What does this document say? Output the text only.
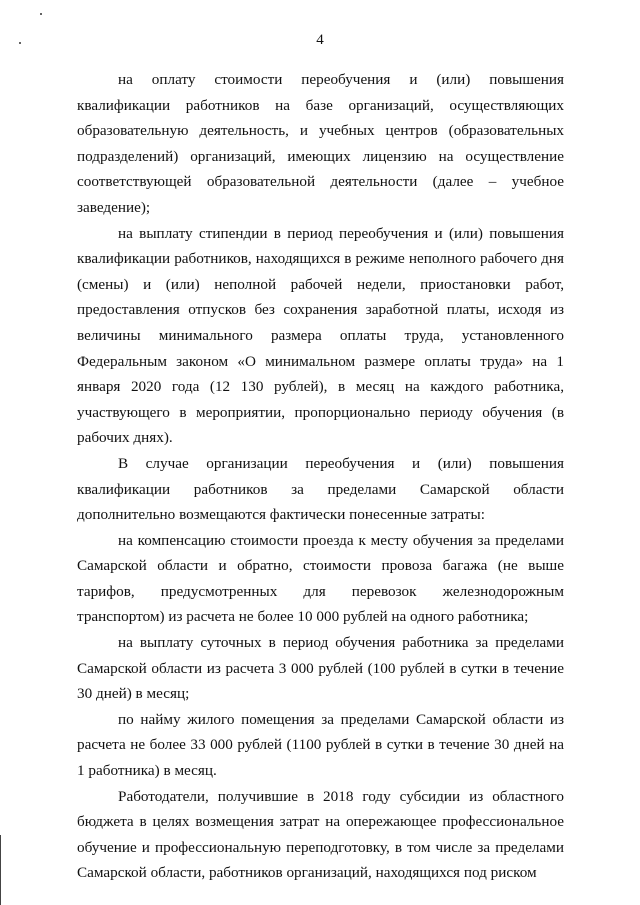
4

на оплату стоимости переобучения и (или) повышения квалификации работников на базе организаций, осуществляющих образовательную деятельность, и учебных центров (образовательных подразделений) организаций, имеющих лицензию на осуществление соответствующей образовательной деятельности (далее – учебное заведение);

на выплату стипендии в период переобучения и (или) повышения квалификации работников, находящихся в режиме неполного рабочего дня (смены) и (или) неполной рабочей недели, приостановки работ, предоставления отпусков без сохранения заработной платы, исходя из величины минимального размера оплаты труда, установленного Федеральным законом «О минимальном размере оплаты труда» на 1 января 2020 года (12 130 рублей), в месяц на каждого работника, участвующего в мероприятии, пропорционально периоду обучения (в рабочих днях).

В случае организации переобучения и (или) повышения квалификации работников за пределами Самарской области дополнительно возмещаются фактически понесенные затраты:

на компенсацию стоимости проезда к месту обучения за пределами Самарской области и обратно, стоимости провоза багажа (не выше тарифов, предусмотренных для перевозок железнодорожным транспортом) из расчета не более 10 000 рублей на одного работника;

на выплату суточных в период обучения работника за пределами Самарской области из расчета 3 000 рублей (100 рублей в сутки в течение 30 дней) в месяц;

по найму жилого помещения за пределами Самарской области из расчета не более 33 000 рублей (1100 рублей в сутки в течение 30 дней на 1 работника) в месяц.

Работодатели, получившие в 2018 году субсидии из областного бюджета в целях возмещения затрат на опережающее профессиональное обучение и профессиональную переподготовку, в том числе за пределами Самарской области, работников организаций, находящихся под риском
